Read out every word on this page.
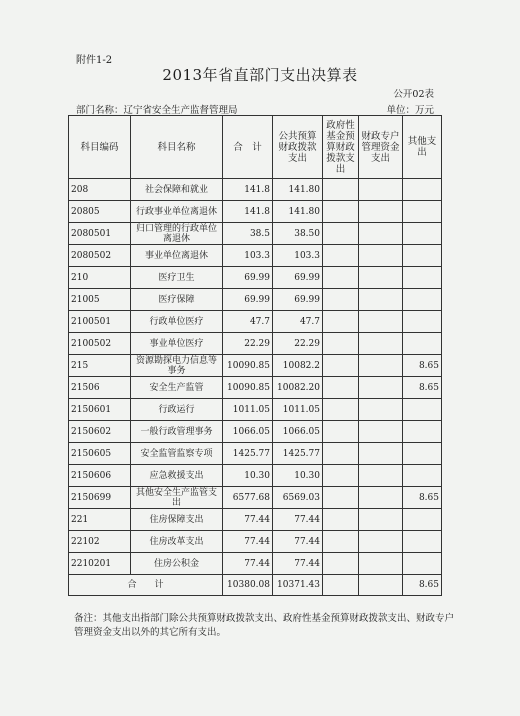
附件1-2
2013年省直部门支出决算表
公开02表
部门名称：辽宁省安全生产监督管理局	单位：万元
科目编码	科目名称	合　计	公共预算财政拨款支出	政府性基金预算财政拨款支出	财政专户管理资金支出	其他支出
208	社会保障和就业	141.8	141.80			
20805	行政事业单位离退休	141.8	141.80			
2080501	归口管理的行政单位离退休	38.5	38.50			
2080502	事业单位离退休	103.3	103.3			
210	医疗卫生	69.99	69.99			
21005	医疗保障	69.99	69.99			
2100501	行政单位医疗	47.7	47.7			
2100502	事业单位医疗	22.29	22.29			
215	资源勘探电力信息等事务	10090.85	10082.2			8.65
21506	安全生产监管	10090.85	10082.20			8.65
2150601	行政运行	1011.05	1011.05			
2150602	一般行政管理事务	1066.05	1066.05			
2150605	安全监管监察专项	1425.77	1425.77			
2150606	应急救援支出	10.30	10.30			
2150699	其他安全生产监管支出	6577.68	6569.03			8.65
221	住房保障支出	77.44	77.44			
22102	住房改革支出	77.44	77.44			
2210201	住房公积金	77.44	77.44			
合　　计		10380.08	10371.43			8.65
备注：其他支出指部门除公共预算财政拨款支出、政府性基金预算财政拨款支出、财政专户管理资金支出以外的其它所有支出。
